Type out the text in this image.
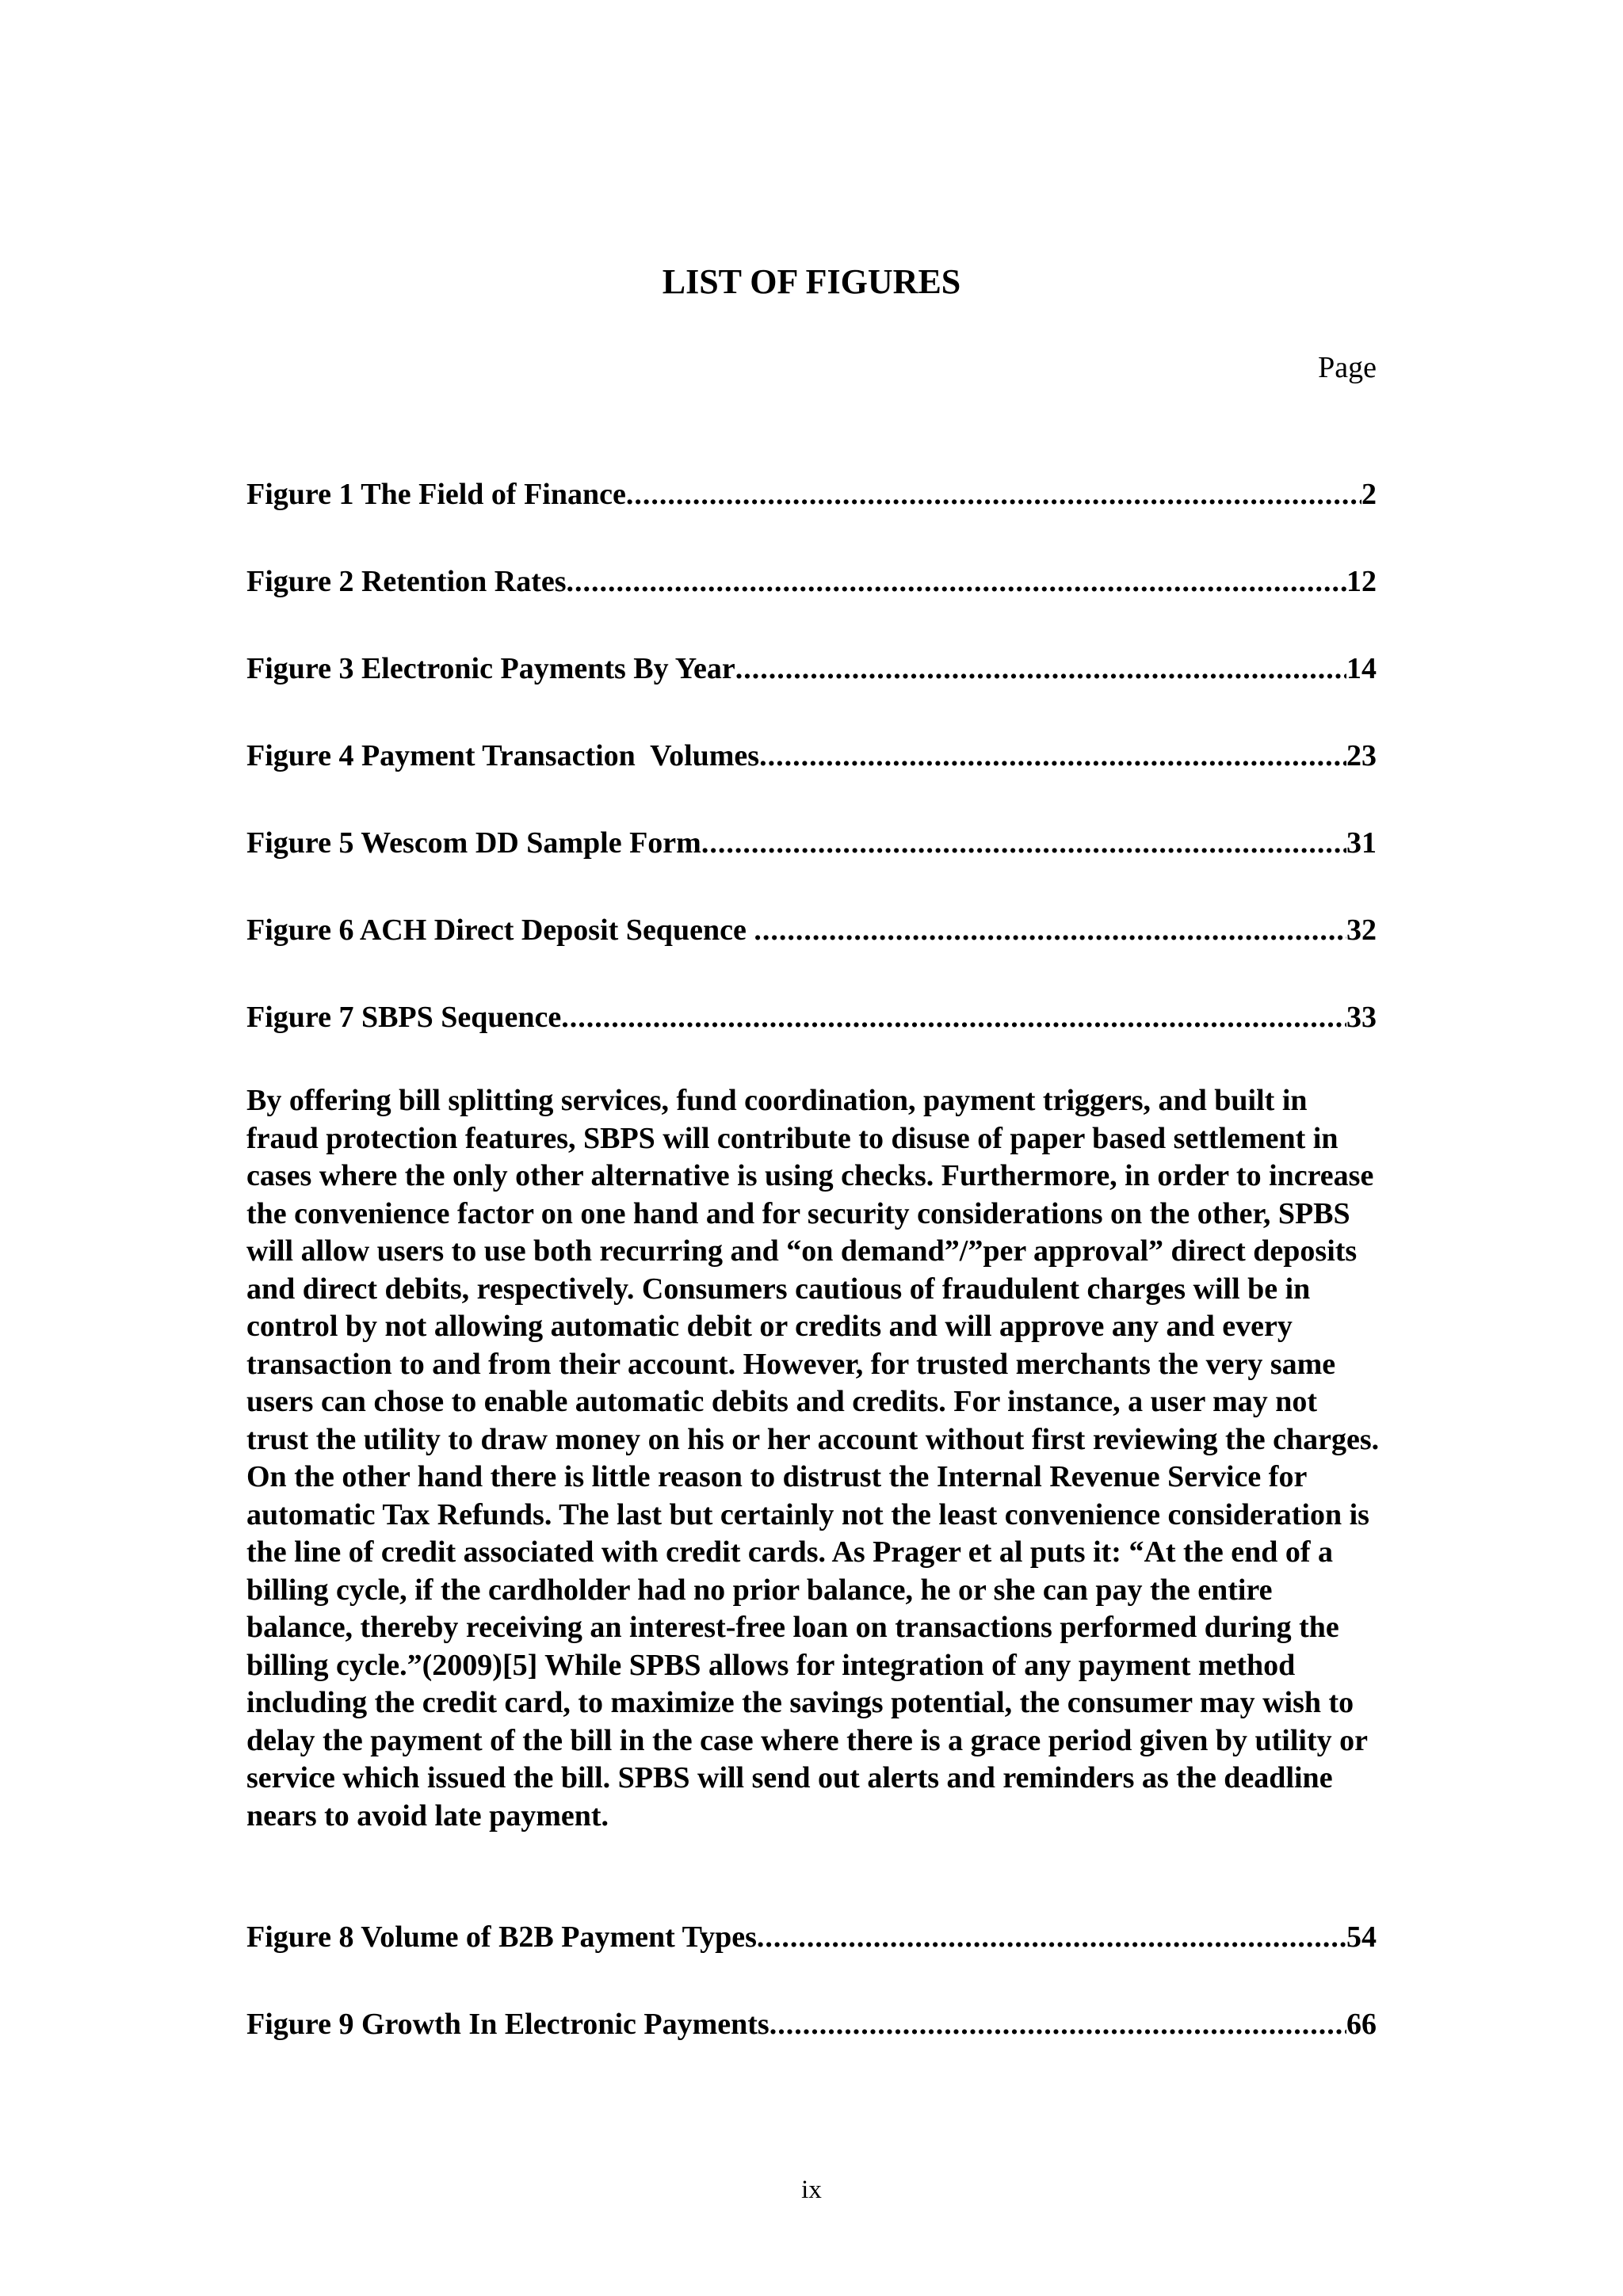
LIST OF FIGURES
Page
Figure 1 The Field of Finance .....	2
Figure 2 Retention Rates .....	12
Figure 3 Electronic Payments By Year .....	14
Figure 4 Payment Transaction  Volumes .....	23
Figure 5 Wescom DD Sample Form .....	31
Figure 6 ACH Direct Deposit Sequence .....	32
Figure 7 SBPS Sequence .....	33

By offering bill splitting services, fund coordination, payment triggers, and built in fraud protection features, SBPS will contribute to disuse of paper based settlement in cases where the only other alternative is using checks. Furthermore, in order to increase the convenience factor on one hand and for security considerations on the other, SPBS will allow users to use both recurring and “on demand”/”per approval” direct deposits and direct debits, respectively. Consumers cautious of fraudulent charges will be in control by not allowing automatic debit or credits and will approve any and every transaction to and from their account. However, for trusted merchants the very same users can chose to enable automatic debits and credits. For instance, a user may not trust the utility to draw money on his or her account without first reviewing the charges. On the other hand there is little reason to distrust the Internal Revenue Service for automatic Tax Refunds. The last but certainly not the least convenience consideration is the line of credit associated with credit cards. As Prager et al puts it: “At the end of a billing cycle, if the cardholder had no prior balance, he or she can pay the entire balance, thereby receiving an interest-free loan on transactions performed during the billing cycle.”(2009)[5] While SPBS allows for integration of any payment method including the credit card, to maximize the savings potential, the consumer may wish to delay the payment of the bill in the case where there is a grace period given by utility or service which issued the bill. SPBS will send out alerts and reminders as the deadline nears to avoid late payment.

Figure 8 Volume of B2B Payment Types .....	54
Figure 9 Growth In Electronic Payments .....	66
ix
